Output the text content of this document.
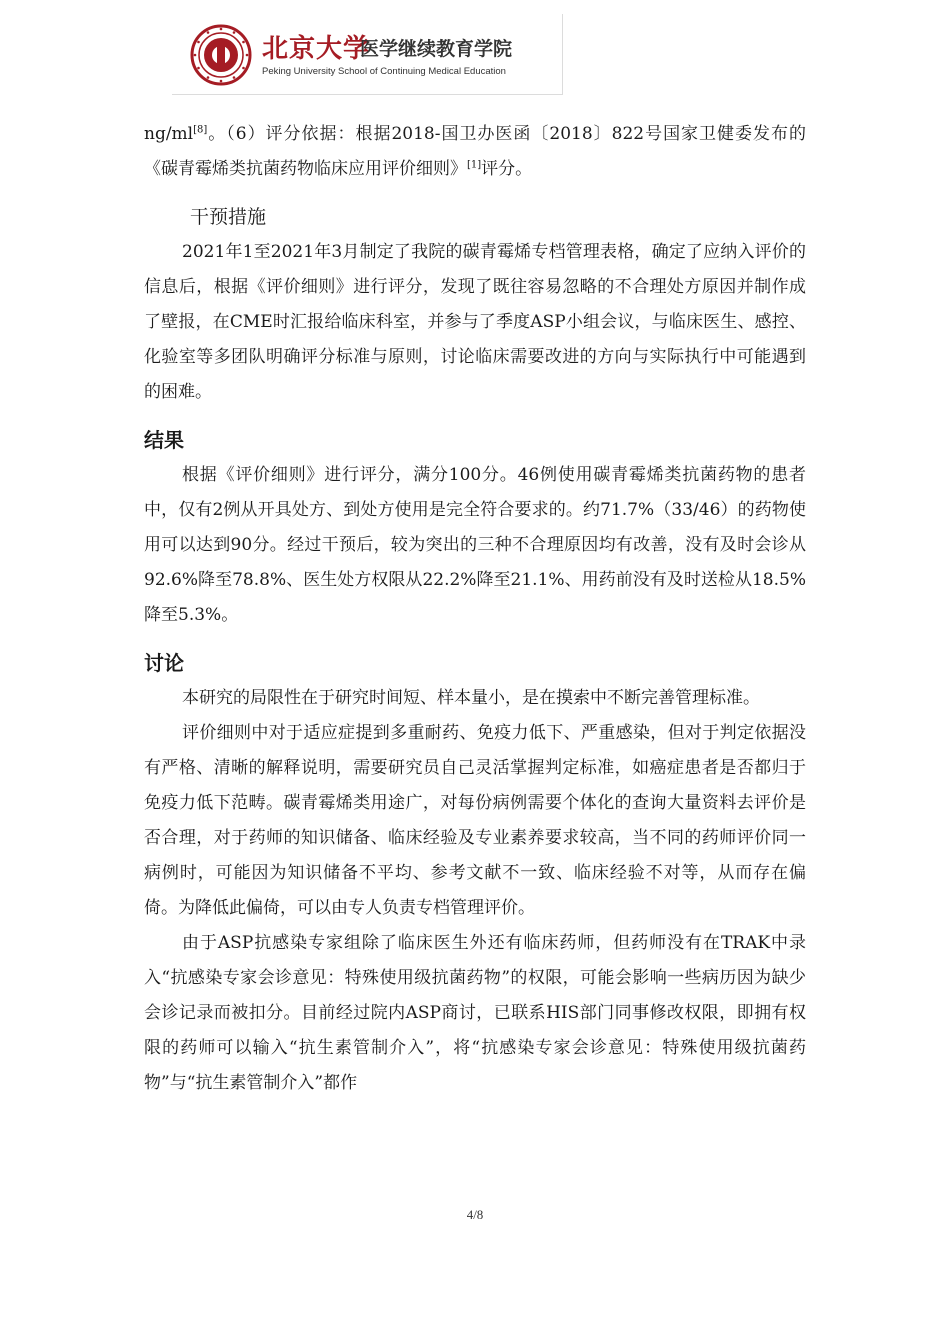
北京大学
医学继续教育学院
Peking University School of Continuing Medical Education

ng/ml[8]。（6）评分依据：根据2018-国卫办医函〔2018〕822号国家卫健委发布的《碳青霉烯类抗菌药物临床应用评价细则》[1]评分。

干预措施

2021年1至2021年3月制定了我院的碳青霉烯专档管理表格，确定了应纳入评价的信息后，根据《评价细则》进行评分，发现了既往容易忽略的不合理处方原因并制作成了壁报，在CME时汇报给临床科室，并参与了季度ASP小组会议，与临床医生、感控、化验室等多团队明确评分标准与原则，讨论临床需要改进的方向与实际执行中可能遇到的困难。

结果

根据《评价细则》进行评分，满分100分。46例使用碳青霉烯类抗菌药物的患者中，仅有2例从开具处方、到处方使用是完全符合要求的。约71.7%（33/46）的药物使用可以达到90分。经过干预后，较为突出的三种不合理原因均有改善，没有及时会诊从92.6%降至78.8%、医生处方权限从22.2%降至21.1%、用药前没有及时送检从18.5%降至5.3%。

讨论

本研究的局限性在于研究时间短、样本量小，是在摸索中不断完善管理标准。

评价细则中对于适应症提到多重耐药、免疫力低下、严重感染，但对于判定依据没有严格、清晰的解释说明，需要研究员自己灵活掌握判定标准，如癌症患者是否都归于免疫力低下范畴。碳青霉烯类用途广，对每份病例需要个体化的查询大量资料去评价是否合理，对于药师的知识储备、临床经验及专业素养要求较高，当不同的药师评价同一病例时，可能因为知识储备不平均、参考文献不一致、临床经验不对等，从而存在偏倚。为降低此偏倚，可以由专人负责专档管理评价。

由于ASP抗感染专家组除了临床医生外还有临床药师，但药师没有在TRAK中录入“抗感染专家会诊意见：特殊使用级抗菌药物”的权限，可能会影响一些病历因为缺少会诊记录而被扣分。目前经过院内ASP商讨，已联系HIS部门同事修改权限，即拥有权限的药师可以输入“抗生素管制介入”，将“抗感染专家会诊意见：特殊使用级抗菌药物”与“抗生素管制介入”都作

4/8
